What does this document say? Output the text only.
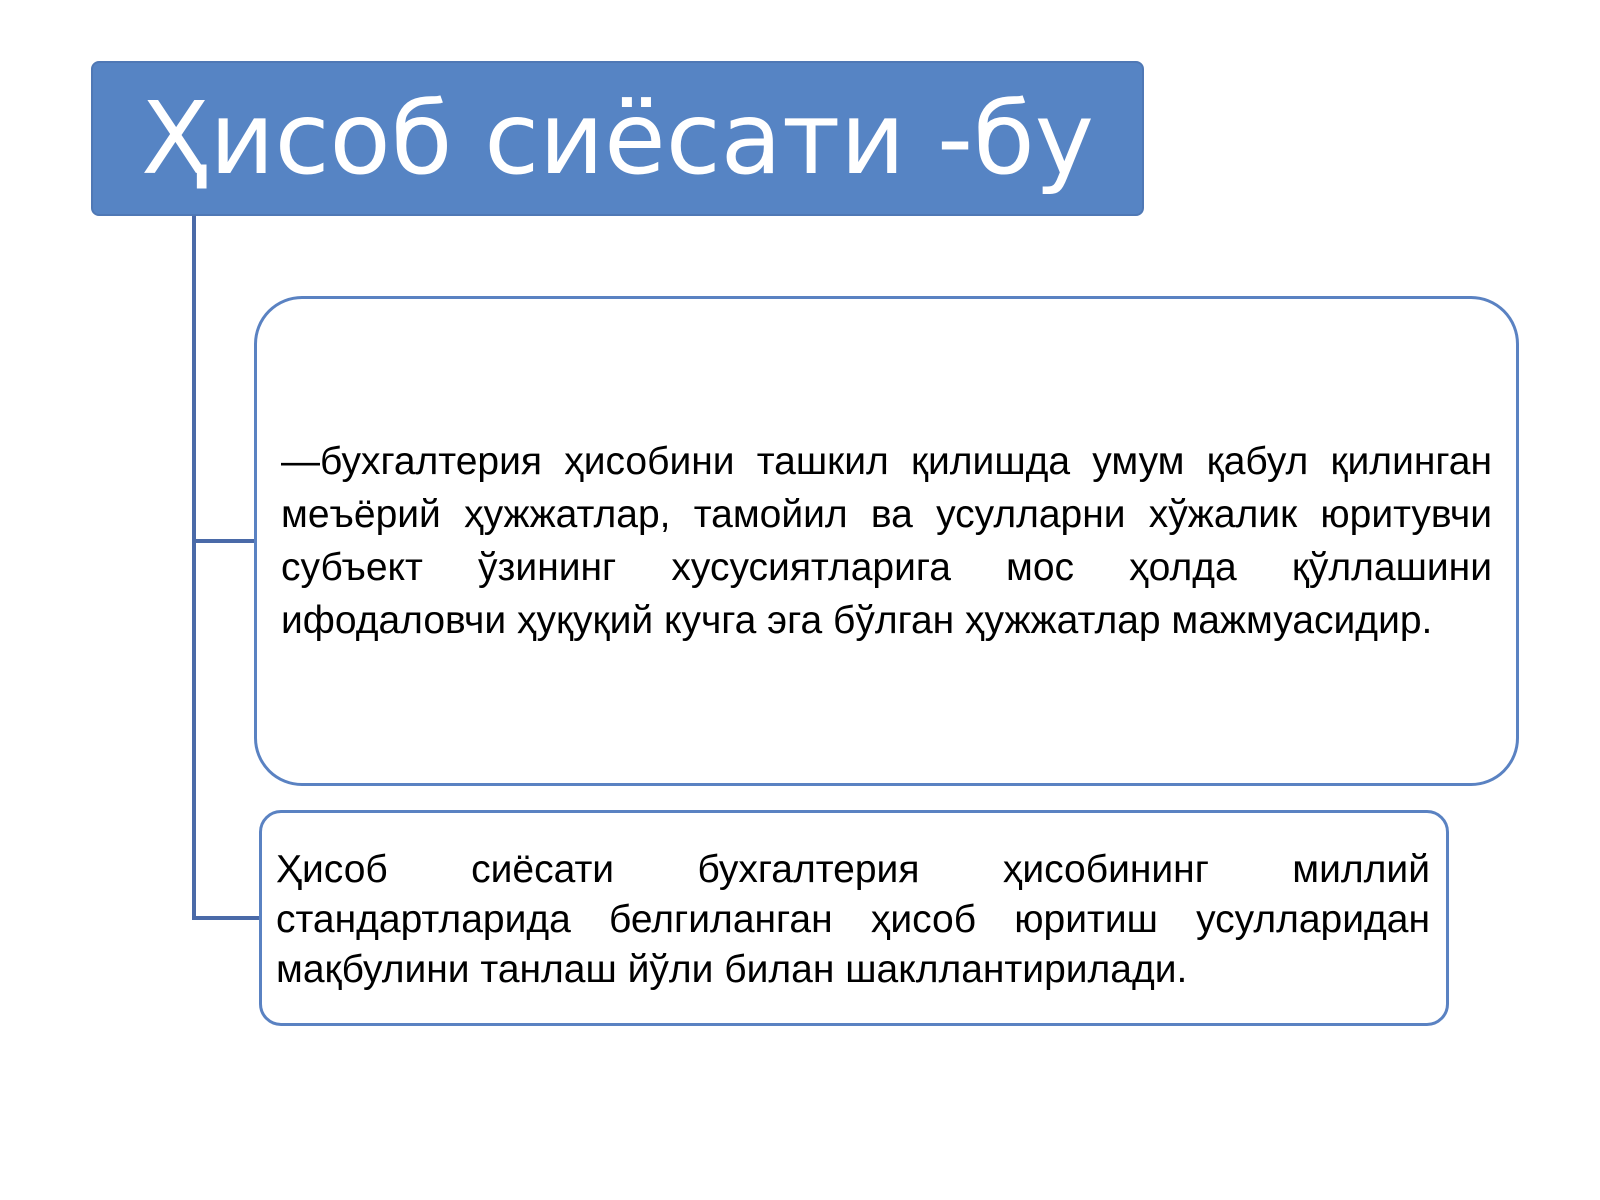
Ҳисоб сиёсати -бу
—бухгалтерия ҳисобини ташкил қилишда умум қабул қилинган меъёрий ҳужжатлар, тамойил ва усулларни хўжалик юритувчи субъект ўзининг хусусиятларига мос ҳолда қўллашини ифодаловчи ҳуқуқий кучга эга бўлган ҳужжатлар мажмуасидир.
Ҳисоб сиёсати бухгалтерия ҳисобининг миллий стандартларида белгиланган ҳисоб юритиш усулларидан мақбулини танлаш йўли билан шакллантирилади.
